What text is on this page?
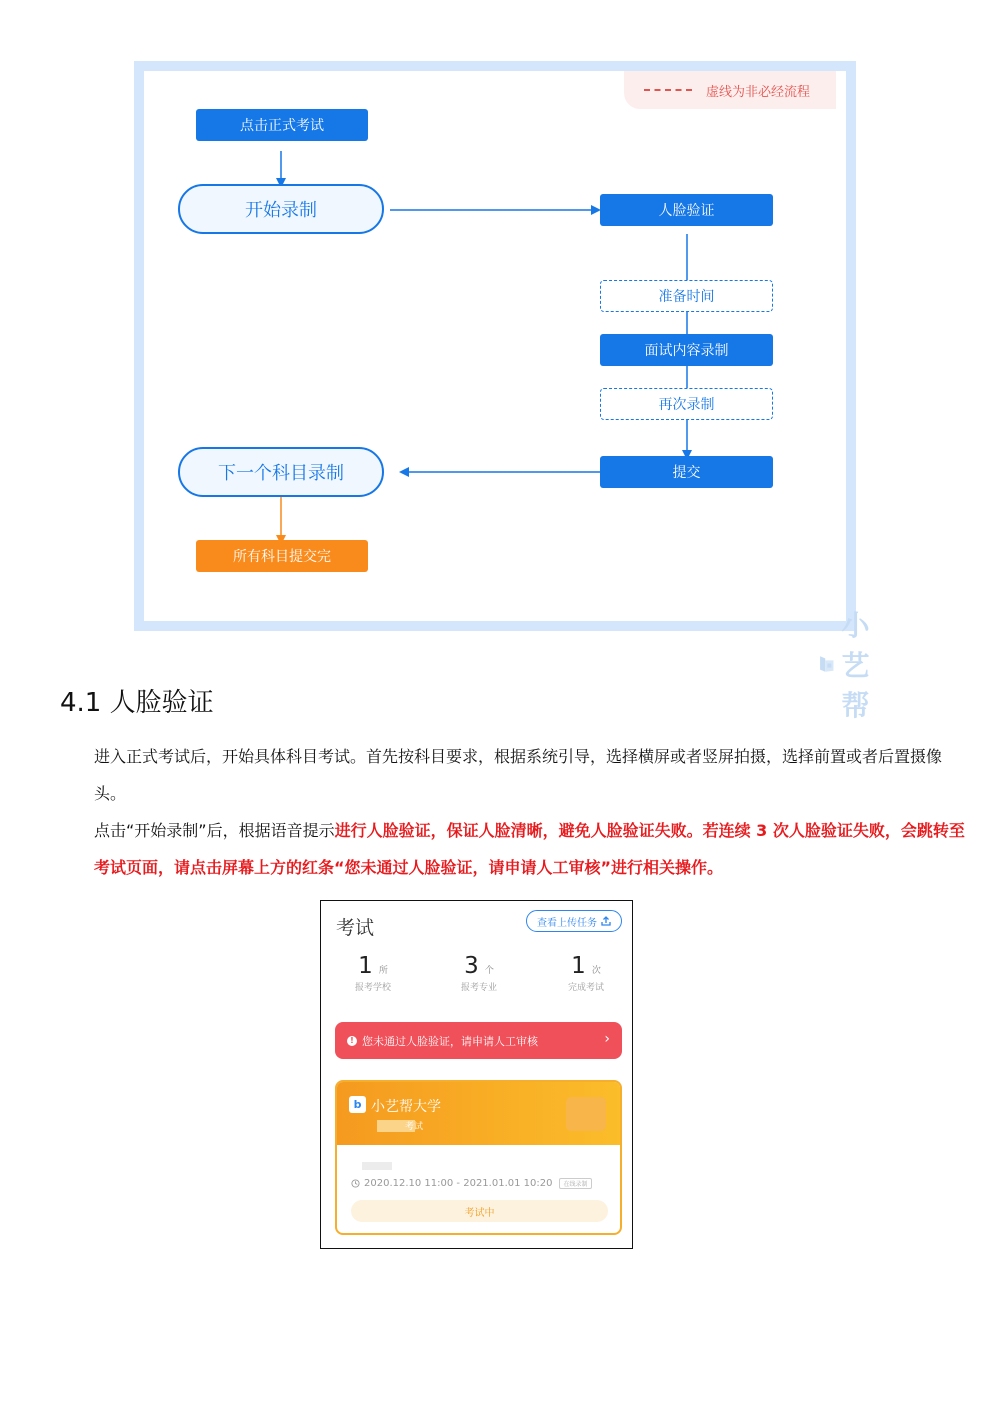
虚线为非必经流程
点击正式考试
开始录制	人脸验证
准备时间
面试内容录制
再次录制
提交
下一个科目录制
所有科目提交完
小艺帮
4.1 人脸验证
进入正式考试后，开始具体科目考试。首先按科目要求，根据系统引导，选择横屏或者竖屏拍摄，选择前置或者后置摄像头。
点击“开始录制”后，根据语音提示进行人脸验证，保证人脸清晰，避免人脸验证失败。若连续 3 次人脸验证失败，会跳转至考试页面，请点击屏幕上方的红条“您未通过人脸验证，请申请人工审核”进行相关操作。
考试	查看上传任务
1 所
报考学校
3 个
报考专业
1 次
完成考试
! 您未通过人脸验证，请申请人工审核	›
b 小艺帮大学
考试
2020.12.10 11:00 - 2021.01.01 10:20	在线录制
考试中
